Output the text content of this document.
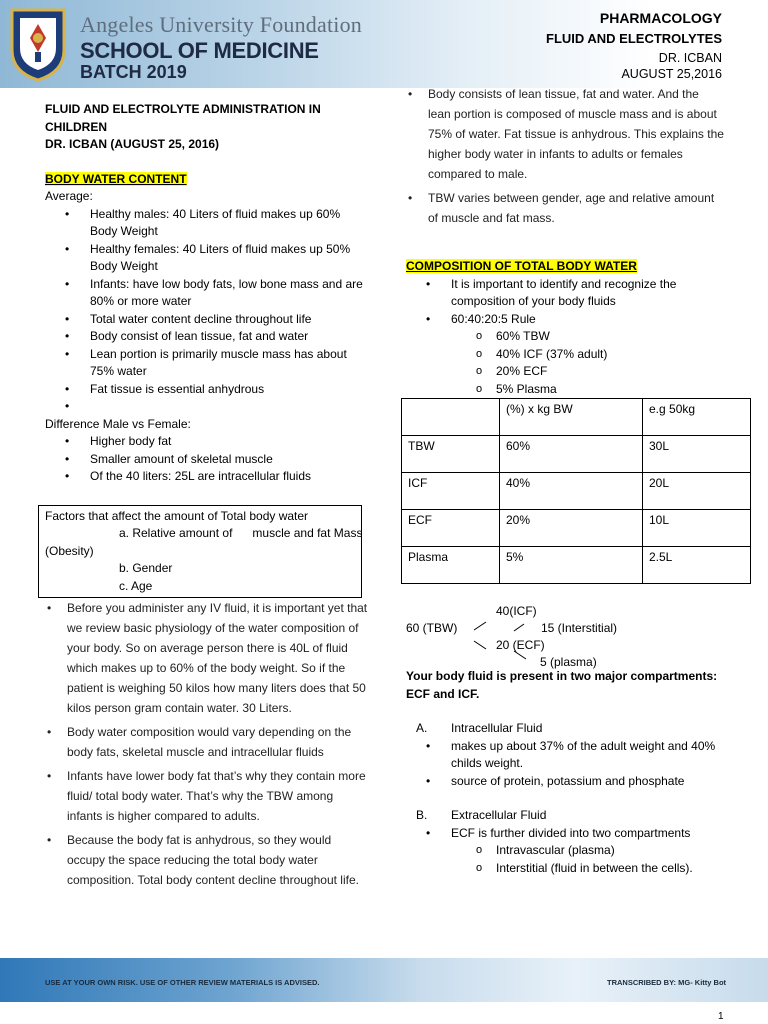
Angeles University Foundation
SCHOOL OF MEDICINE
BATCH 2019
PHARMACOLOGY
FLUID AND ELECTROLYTES
DR. ICBAN
AUGUST 25,2016
FLUID AND ELECTROLYTE ADMINISTRATION IN
CHILDREN
DR. ICBAN (AUGUST 25, 2016)
BODY WATER CONTENT
Average:
• Healthy males: 40 Liters of fluid makes up 60% Body Weight
• Healthy females: 40 Liters of fluid makes up 50% Body Weight
• Infants: have low body fats, low bone mass and are 80% or more water
• Total water content decline throughout life
• Body consist of lean tissue, fat and water
• Lean portion is primarily muscle mass has about 75% water
• Fat tissue is essential anhydrous
•
Difference Male vs Female:
• Higher body fat
• Smaller amount of skeletal muscle
• Of the 40 liters: 25L are intracellular fluids
Factors that affect the amount of Total body water
a. Relative amount of      muscle and fat Mass
(Obesity)
b. Gender
c. Age
• Before you administer any IV fluid, it is important yet that we review basic physiology of the water composition of your body. So on average person there is 40L of fluid which makes up to 60% of the body weight. So if the patient is weighing 50 kilos how many liters does that 50 kilos person gram contain water. 30 Liters.
• Body water composition would vary depending on the body fats, skeletal muscle and intracellular fluids
• Infants have lower body fat that’s why they contain more fluid/ total body water. That’s why the TBW among infants is higher compared to adults.
• Because the body fat is anhydrous, so they would occupy the space reducing the total body water composition. Total body content decline throughout life.
• Body consists of lean tissue, fat and water. And the lean portion is composed of muscle mass and is about 75% of water. Fat tissue is anhydrous. This explains the higher body water in infants to adults or females compared to male.
• TBW varies between gender, age and relative amount of muscle and fat mass.
COMPOSITION OF TOTAL BODY WATER
• It is important to identify and recognize the composition of your body fluids
• 60:40:20:5 Rule
o 60% TBW
o 40% ICF (37% adult)
o 20% ECF
o 5% Plasma
	(%) x kg BW	e.g 50kg
TBW	60%	30L
ICF	40%	20L
ECF	20%	10L
Plasma	5%	2.5L
40(ICF)
60 (TBW)	15 (Interstitial)
20 (ECF)
5 (plasma)
Your body fluid is present in two major compartments: ECF and ICF.
A. Intracellular Fluid
• makes up about 37% of the adult weight and 40% childs weight.
• source of protein, potassium and phosphate
B. Extracellular Fluid
• ECF is further divided into two compartments
o Intravascular (plasma)
o Interstitial (fluid in between the cells).
USE AT YOUR OWN RISK. USE OF OTHER REVIEW MATERIALS IS ADVISED.	TRANSCRIBED BY: MG- Kitty Bot
1
